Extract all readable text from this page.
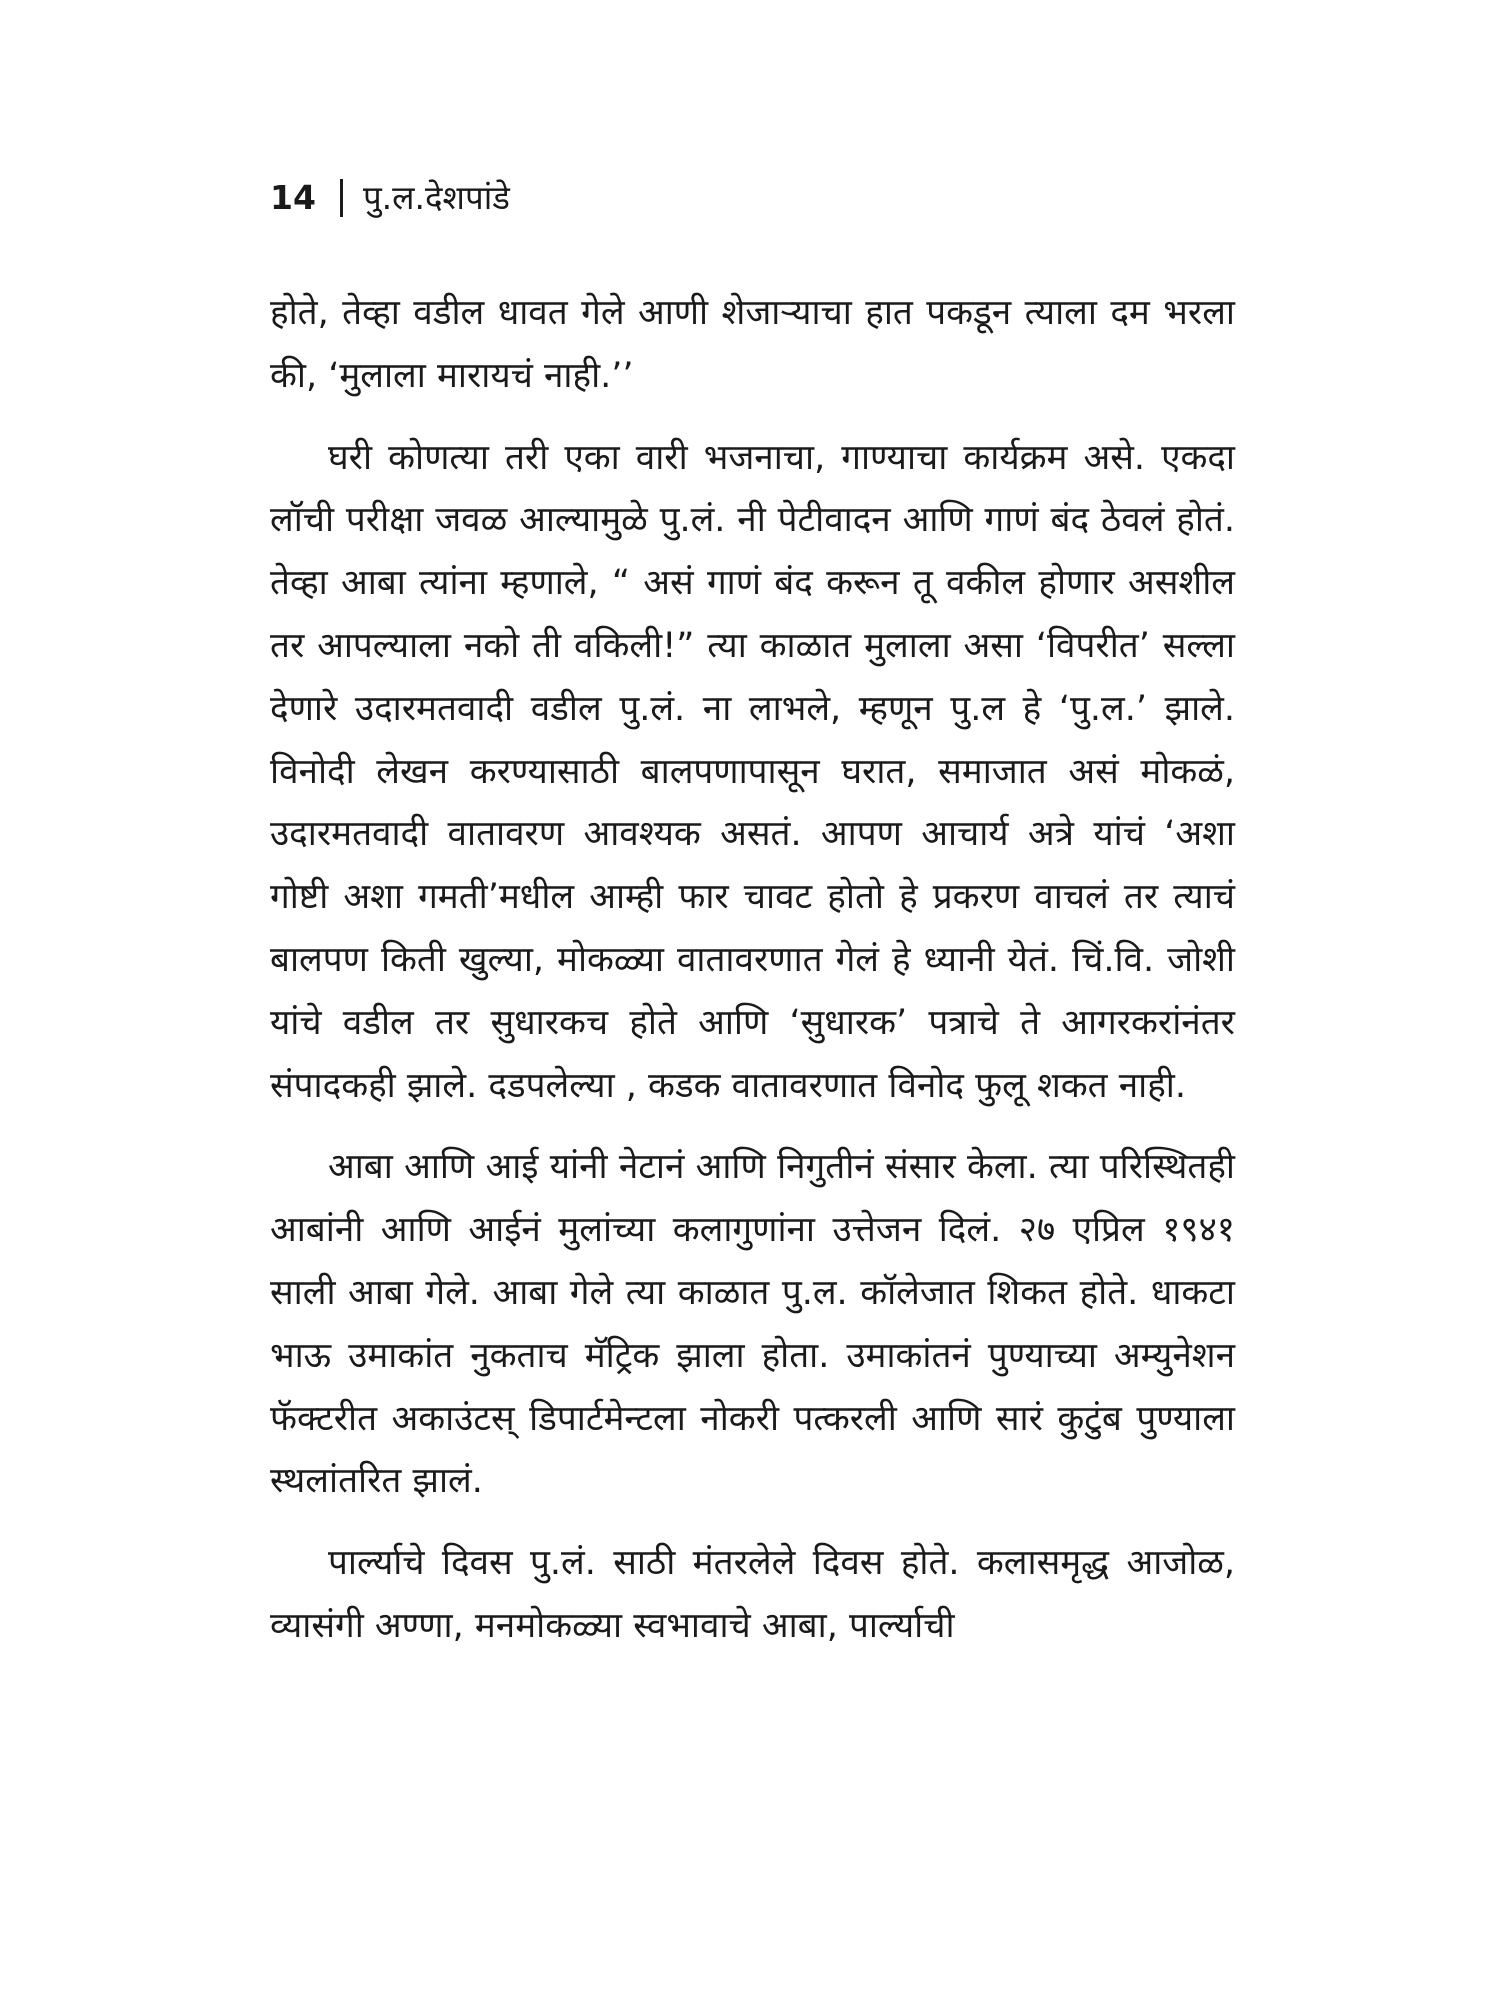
14 पु.ल.देशपांडे

होते, तेव्हा वडील धावत गेले आणी शेजाऱ्याचा हात पकडून त्याला दम भरला की, ‘मुलाला मारायचं नाही.’’

घरी कोणत्या तरी एका वारी भजनाचा, गाण्याचा कार्यक्रम असे. एकदा लॉची परीक्षा जवळ आल्यामुळे पु.लं. नी पेटीवादन आणि गाणं बंद ठेवलं होतं. तेव्हा आबा त्यांना म्हणाले, “ असं गाणं बंद करून तू वकील होणार असशील तर आपल्याला नको ती वकिली!” त्या काळात मुलाला असा ‘विपरीत’ सल्ला देणारे उदारमतवादी वडील पु.लं. ना लाभले, म्हणून पु.ल हे ‘पु.ल.’ झाले. विनोदी लेखन करण्यासाठी बालपणापासून घरात, समाजात असं मोकळं, उदारमतवादी वातावरण आवश्यक असतं. आपण आचार्य अत्रे यांचं ‘अशा गोष्टी अशा गमती’मधील आम्ही फार चावट होतो हे प्रकरण वाचलं तर त्याचं बालपण किती खुल्या, मोकळ्या वातावरणात गेलं हे ध्यानी येतं. चिं.वि. जोशी यांचे वडील तर सुधारकच होते आणि ‘सुधारक’ पत्राचे ते आगरकरांनंतर संपादकही झाले. दडपलेल्या , कडक वातावरणात विनोद फुलू शकत नाही.

आबा आणि आई यांनी नेटानं आणि निगुतीनं संसार केला. त्या परिस्थितही आबांनी आणि आईनं मुलांच्या कलागुणांना उत्तेजन दिलं. २७ एप्रिल १९४१ साली आबा गेले. आबा गेले त्या काळात पु.ल. कॉलेजात शिकत होते. धाकटा भाऊ उमाकांत नुकताच मॅट्रिक झाला होता. उमाकांतनं पुण्याच्या अम्युनेशन फॅक्टरीत अकाउंटस् डिपार्टमेन्टला नोकरी पत्करली आणि सारं कुटुंब पुण्याला स्थलांतरित झालं.

पार्ल्याचे दिवस पु.लं. साठी मंतरलेले दिवस होते. कलासमृद्ध आजोळ, व्यासंगी अण्णा, मनमोकळ्या स्वभावाचे आबा, पार्ल्याची
